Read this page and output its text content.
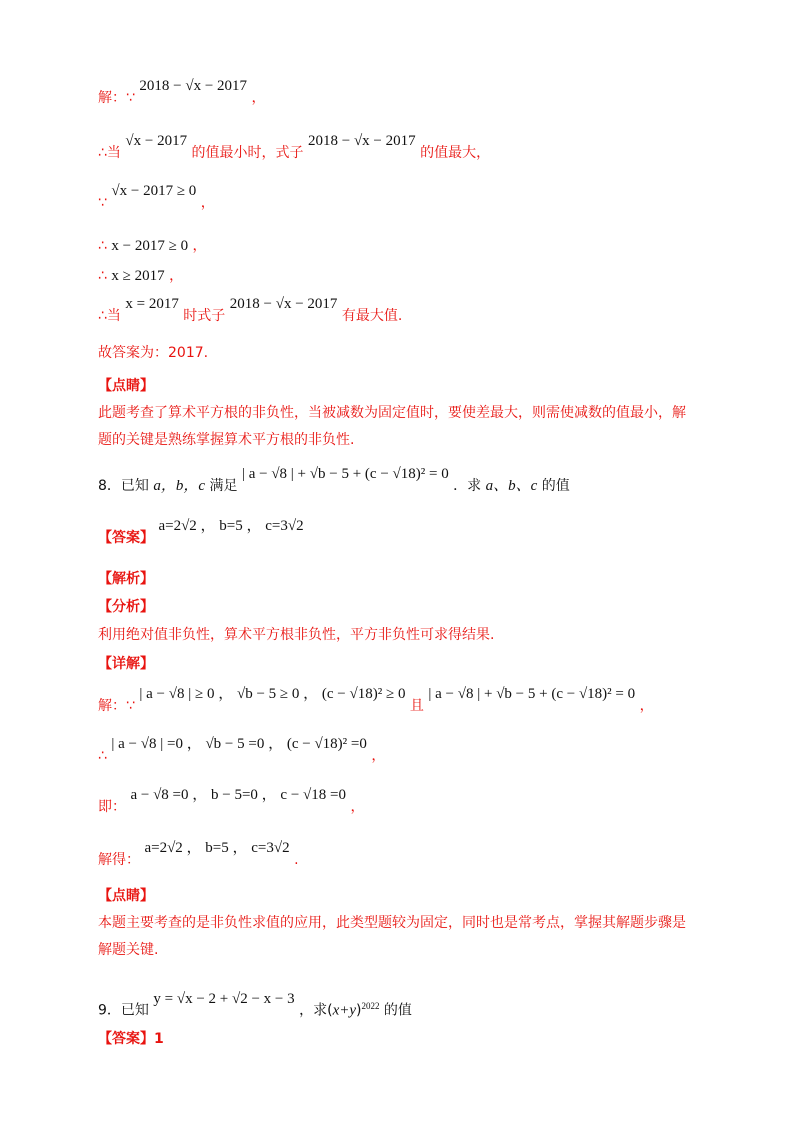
解：∵ 2018 − √x − 2017 ，
∴当 √x − 2017 的值最小时，式子 2018 − √x − 2017 的值最大，
∵ √x − 2017 ≥ 0 ，
∴ x − 2017 ≥ 0 ，
∴ x ≥ 2017 ，
∴当 x = 2017 时式子 2018 − √x − 2017 有最大值.
故答案为：2017.
【点睛】
此题考查了算术平方根的非负性，当被减数为固定值时，要使差最大，则需使减数的值最小，解题的关键是熟练掌握算术平方根的非负性.
8．已知 a，b，c 满足 | a − √8 | + √b − 5 + (c − √18)² = 0 ．求 a、b、c 的值
【答案】 a=2√2 ， b=5 ， c=3√2
【解析】
【分析】
利用绝对值非负性，算术平方根非负性，平方非负性可求得结果.
【详解】
解：∵ | a − √8 | ≥ 0 ， √b − 5 ≥ 0 ， (c − √18)² ≥ 0 且 | a − √8 | + √b − 5 + (c − √18)² = 0 ，
∴ | a − √8 | =0 ， √b − 5 =0 ， (c − √18)² =0 ，
即： a − √8 =0 ， b − 5=0 ， c − √18 =0 ，
解得： a=2√2 ， b=5 ， c=3√2 .
【点睛】
本题主要考查的是非负性求值的应用，此类型题较为固定，同时也是常考点，掌握其解题步骤是解题关键.
9．已知 y = √x − 2 + √2 − x − 3 ，求$(x+y)^{2022}$ 的值
【答案】1
